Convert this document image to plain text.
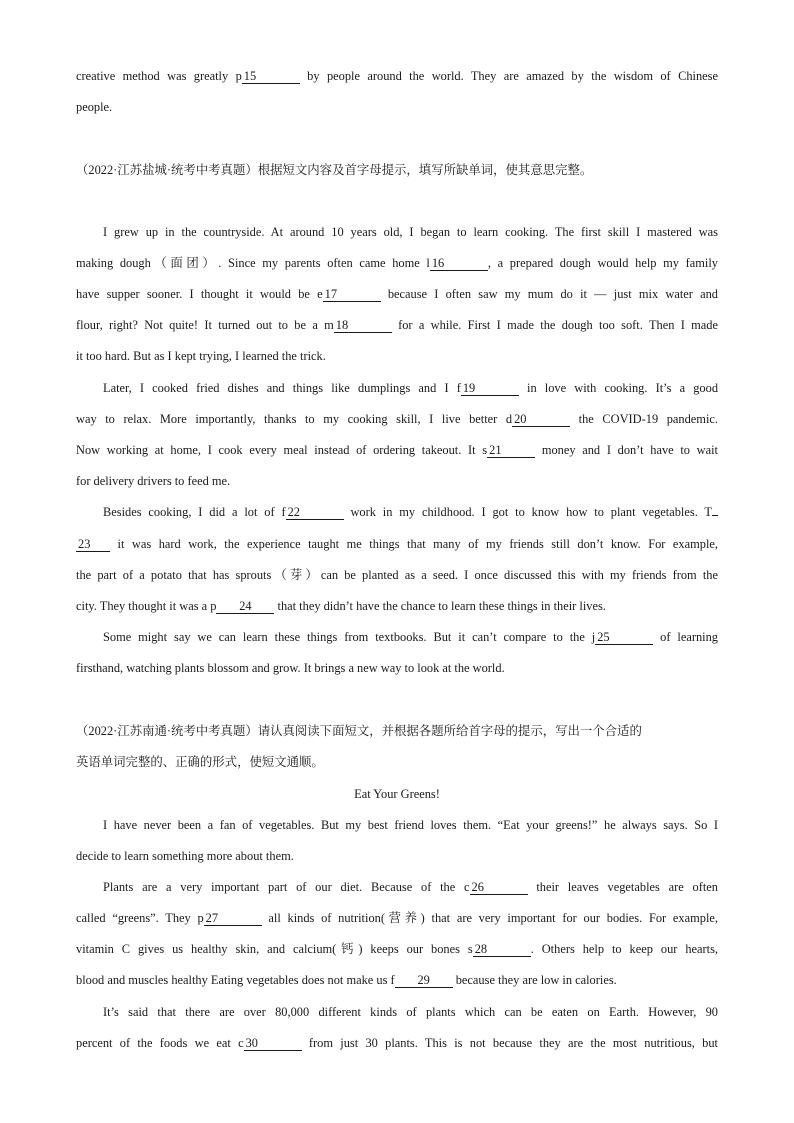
creative method was greatly p 15	by people around the world. They are amazed by the wisdom of Chinese
people.
（2022·江苏盐城·统考中考真题）根据短文内容及首字母提示，填写所缺单词，使其意思完整。
I grew up in the countryside. At around 10 years old, I began to learn cooking. The first skill I mastered was
making dough（面团）. Since my parents often came home l 16	, a prepared dough would help my family
have supper sooner. I thought it would be e 17	because I often saw my mum do it — just mix water and
flour, right? Not quite! It turned out to be a m 18	for a while. First I made the dough too soft. Then I made
it too hard. But as I kept trying, I learned the trick.
Later, I cooked fried dishes and things like dumplings and I f 19	in love with cooking. It’s a good
way to relax. More importantly, thanks to my cooking skill, I live better d 20	the COVID-19 pandemic.
Now working at home, I cook every meal instead of ordering takeout. It s 21	money and I don’t have to wait
for delivery drivers to feed me.
Besides cooking, I did a lot of f 22	work in my childhood. I got to know how to plant vegetables. T
23 it was hard work, the experience taught me things that many of my friends still don’t know. For example,
the part of a potato that has sprouts（芽）can be planted as a seed. I once discussed this with my friends from the
city. They thought it was a p 24 that they didn’t have the chance to learn these things in their lives.
Some might say we can learn these things from textbooks. But it can’t compare to the j 25	of learning
firsthand, watching plants blossom and grow. It brings a new way to look at the world.
（2022·江苏南通·统考中考真题）请认真阅读下面短文，并根据各题所给首字母的提示，写出一个合适的
英语单词完整的、正确的形式，使短文通顺。
Eat Your Greens!
I have never been a fan of vegetables. But my best friend loves them. “Eat your greens!” he always says. So I
decide to learn something more about them.
Plants are a very important part of our diet. Because of the c 26	their leaves vegetables are often
called “greens”. They p 27	all kinds of nutrition(营养) that are very important for our bodies. For example,
vitamin C gives us healthy skin, and calcium(钙) keeps our bones s 28	. Others help to keep our hearts,
blood and muscles healthy Eating vegetables does not make us f 29 because they are low in calories.
It’s said that there are over 80,000 different kinds of plants which can be eaten on Earth. However, 90
percent of the foods we eat c 30	from just 30 plants. This is not because they are the most nutritious, but
